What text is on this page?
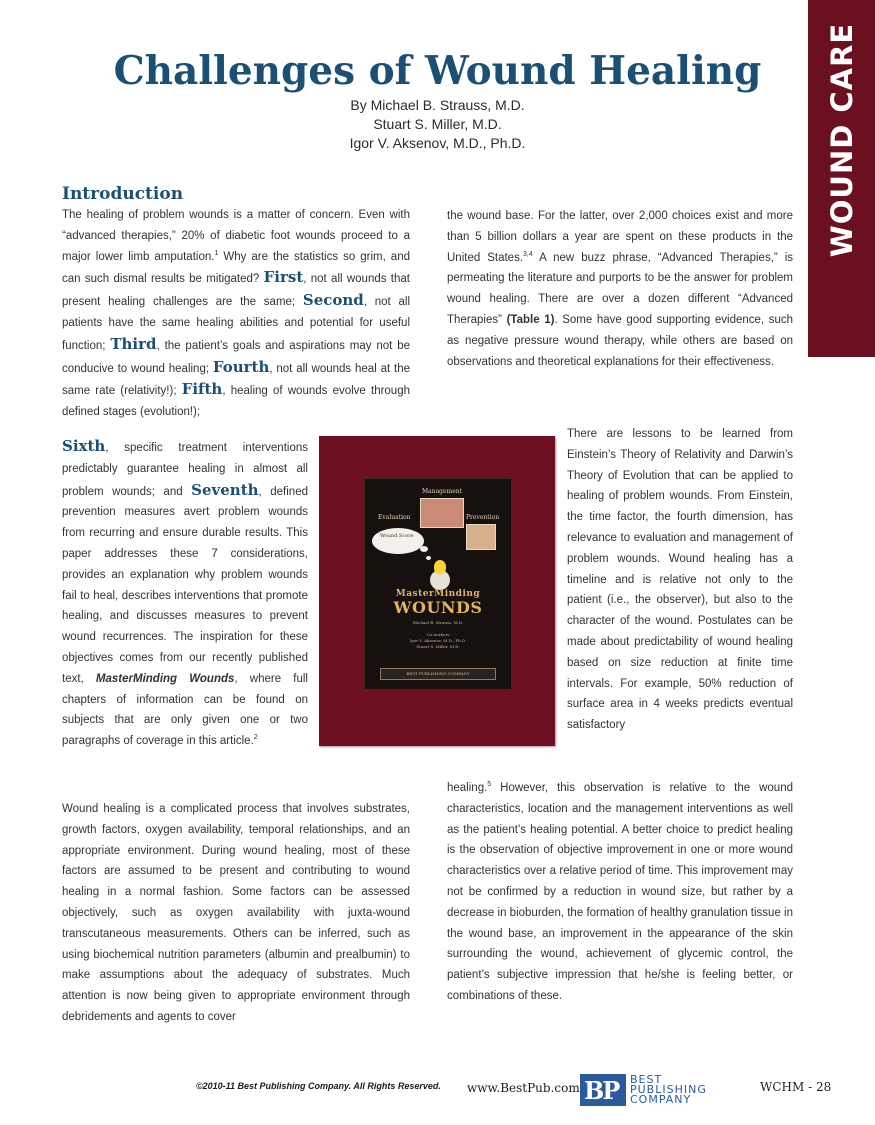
WOUND CARE
Challenges of Wound Healing
By Michael B. Strauss, M.D.
Stuart S. Miller, M.D.
Igor V. Aksenov, M.D., Ph.D.
Introduction

The healing of problem wounds is a matter of concern. Even with “advanced therapies,” 20% of diabetic foot wounds proceed to a major lower limb amputation.$^1$ Why are the statistics so grim, and can such dismal results be mitigated? First, not all wounds that present healing challenges are the same; Second, not all patients have the same healing abilities and potential for useful function; Third, the patient’s goals and aspirations may not be conducive to wound healing; Fourth, not all wounds heal at the same rate (relativity!); Fifth, healing of wounds evolve through defined stages (evolution!);

Sixth, specific treatment interventions predictably guarantee healing in almost all problem wounds; and Seventh, defined prevention measures avert problem wounds from recurring and ensure durable results. This paper addresses these 7 considerations, provides an explanation why problem wounds fail to heal, describes interventions that promote healing, and discusses measures to prevent wound recurrences. The inspiration for these objectives comes from our recently published text, MasterMinding Wounds, where full chapters of information can be found on subjects that are only given one or two paragraphs of coverage in this article.$^2$

Wound healing is a complicated process that involves substrates, growth factors, oxygen availability, temporal relationships, and an appropriate environment. During wound healing, most of these factors are assumed to be present and contributing to wound healing in a normal fashion. Some factors can be assessed objectively, such as oxygen availability with juxta-wound transcutaneous measurements. Others can be inferred, such as using biochemical nutrition parameters (albumin and prealbumin) to make assumptions about the adequacy of substrates. Much attention is now being given to appropriate environment through debridements and agents to cover

the wound base. For the latter, over 2,000 choices exist and more than 5 billion dollars a year are spent on these products in the United States.$^{3,4}$ A new buzz phrase, “Advanced Therapies,” is permeating the literature and purports to be the answer for problem wound healing. There are over a dozen different “Advanced Therapies” (Table 1). Some have good supporting evidence, such as negative pressure wound therapy, while others are based on observations and theoretical explanations for their effectiveness.

There are lessons to be learned from Einstein’s Theory of Relativity and Darwin’s Theory of Evolution that can be applied to healing of problem wounds. From Einstein, the time factor, the fourth dimension, has relevance to evaluation and management of problem wounds. Wound healing has a timeline and is relative not only to the patient (i.e., the observer), but also to the character of the wound. Postulates can be made about predictability of wound healing based on size reduction at finite time intervals. For example, 50% reduction of surface area in 4 weeks predicts eventual satisfactory

healing.$^5$ However, this observation is relative to the wound characteristics, location and the management interventions as well as the patient’s healing potential. A better choice to predict healing is the observation of objective improvement in one or more wound characteristics over a relative period of time. This improvement may not be confirmed by a reduction in wound size, but rather by a decrease in bioburden, the formation of healthy granulation tissue in the wound base, an improvement in the appearance of the skin surrounding the wound, achievement of glycemic control, the patient’s subjective impression that he/she is feeling better, or combinations of these.

Management
Evaluation	Prevention
Wound Score
MasterMinding
WOUNDS
Michael B. Strauss, M.D.
Co-Authors
Igor V. Aksenov, M.D., Ph.D.
Stuart S. Miller, M.D.
BEST PUBLISHING COMPANY
©2010-11 Best Publishing Company. All Rights Reserved. www.BestPub.com BP BEST
PUBLISHING
COMPANY
WCHM - 28
